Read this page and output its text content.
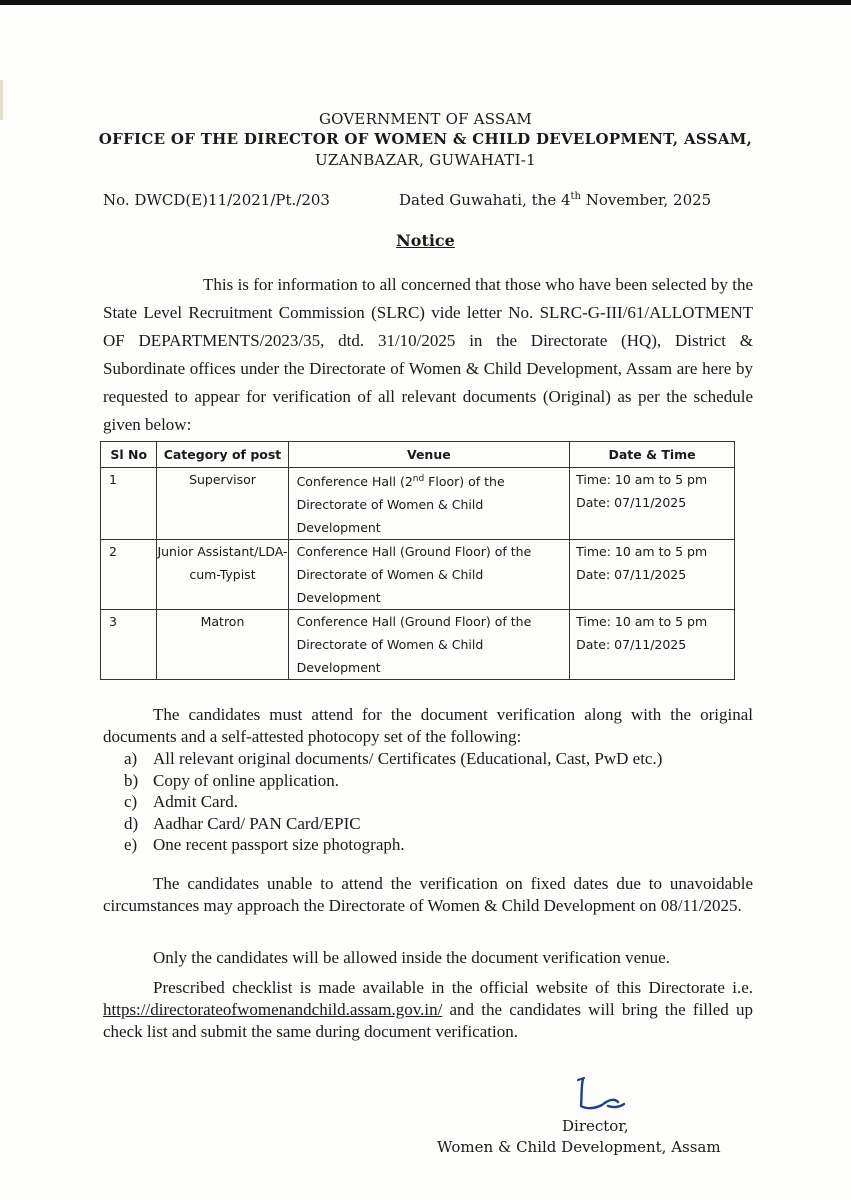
GOVERNMENT OF ASSAM
OFFICE OF THE DIRECTOR OF WOMEN & CHILD DEVELOPMENT, ASSAM,
UZANBAZAR, GUWAHATI-1
No. DWCD(E)11/2021/Pt./203	Dated Guwahati, the 4th November, 2025
Notice
This is for information to all concerned that those who have been selected by the State Level Recruitment Commission (SLRC) vide letter No. SLRC-G-III/61/ALLOTMENT OF DEPARTMENTS/2023/35, dtd. 31/10/2025 in the Directorate (HQ), District & Subordinate offices under the Directorate of Women & Child Development, Assam are here by requested to appear for verification of all relevant documents (Original) as per the schedule given below:
Sl No	Category of post	Venue	Date & Time
1	Supervisor	Conference Hall (2nd Floor) of the Directorate of Women & Child Development	Time: 10 am to 5 pm
Date: 07/11/2025

2	Junior Assistant/LDA-cum-Typist	Conference Hall (Ground Floor) of the Directorate of Women & Child Development	Time: 10 am to 5 pm
Date: 07/11/2025

3	Matron	Conference Hall (Ground Floor) of the Directorate of Women & Child Development	Time: 10 am to 5 pm
Date: 07/11/2025
The candidates must attend for the document verification along with the original documents and a self-attested photocopy set of the following:
a) All relevant original documents/ Certificates (Educational, Cast, PwD etc.)
b) Copy of online application.
c) Admit Card.
d) Aadhar Card/ PAN Card/EPIC
e) One recent passport size photograph.
The candidates unable to attend the verification on fixed dates due to unavoidable circumstances may approach the Directorate of Women & Child Development on 08/11/2025.
Only the candidates will be allowed inside the document verification venue.
Prescribed checklist is made available in the official website of this Directorate i.e. https://directorateofwomenandchild.assam.gov.in/ and the candidates will bring the filled up check list and submit the same during document verification.
Director,
Women & Child Development, Assam
